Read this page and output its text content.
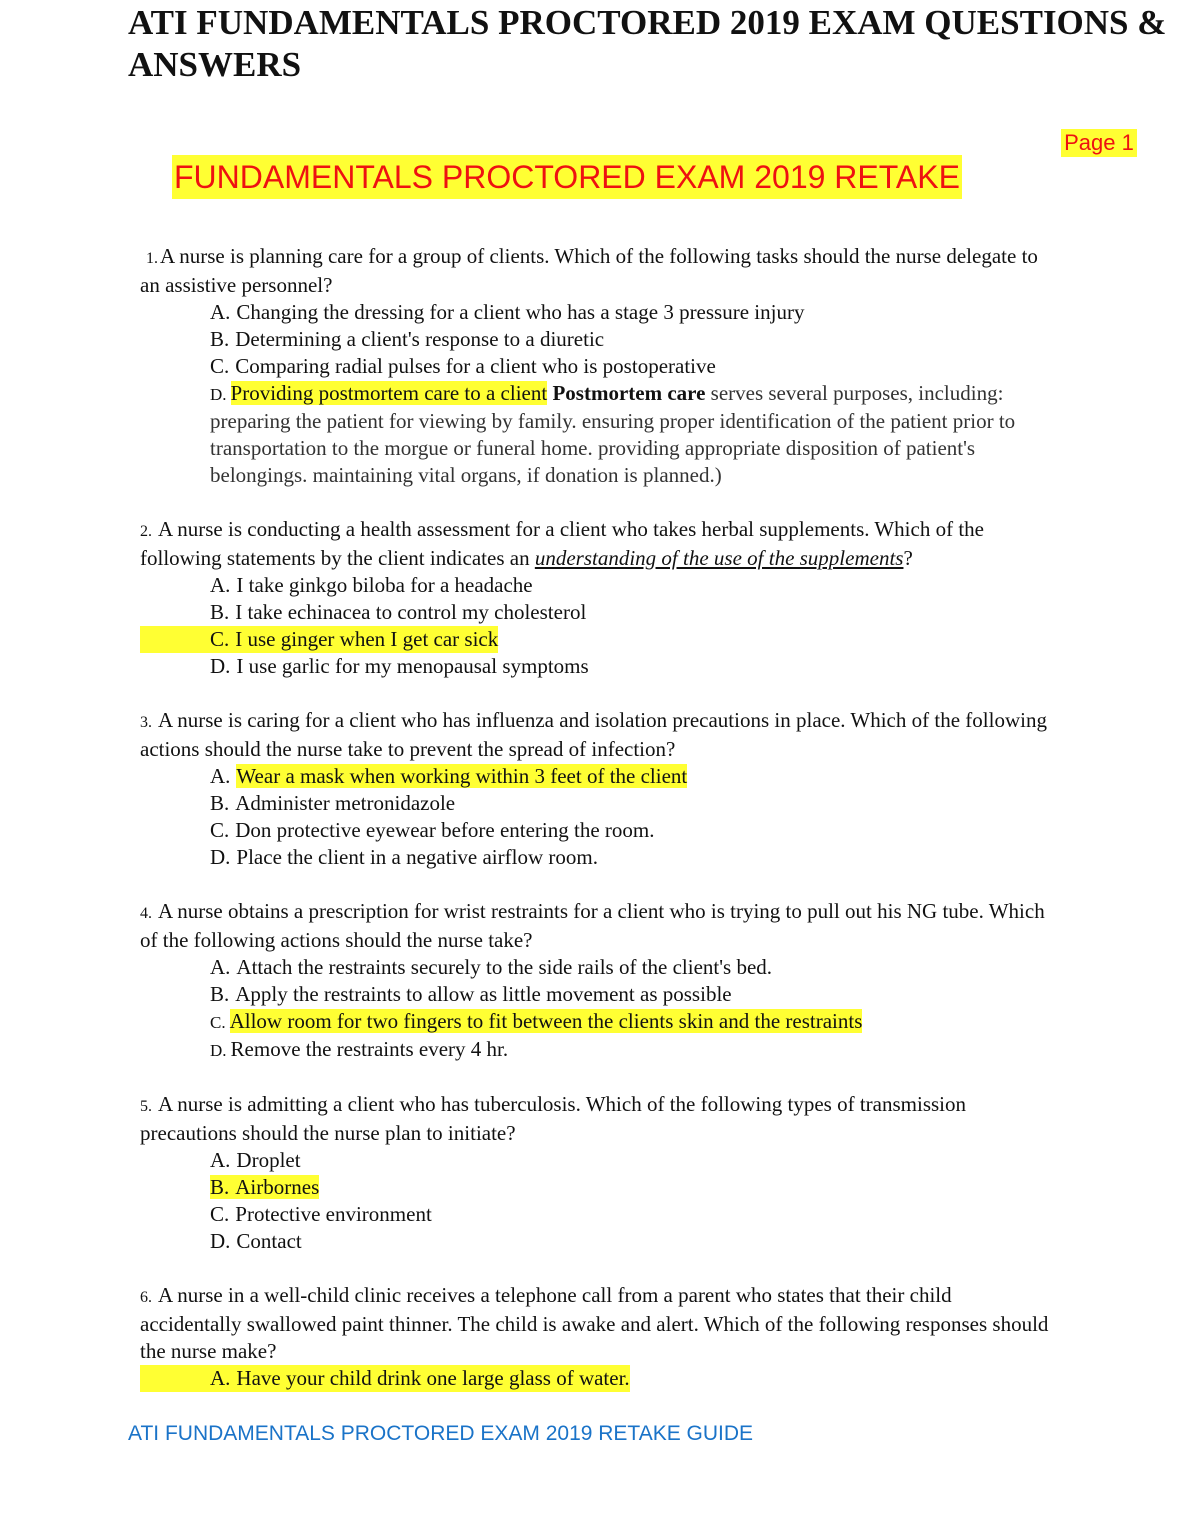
ATI FUNDAMENTALS PROCTORED 2019 EXAM QUESTIONS & ANSWERS
Page 1
FUNDAMENTALS PROCTORED EXAM 2019 RETAKE

1.A nurse is planning care for a group of clients. Which of the following tasks should the nurse delegate to an assistive personnel?

A. Changing the dressing for a client who has a stage 3 pressure injury

B. Determining a client's response to a diuretic

C. Comparing radial pulses for a client who is postoperative

D. Providing postmortem care to a client Postmortem care serves several purposes, including: preparing the patient for viewing by family. ensuring proper identification of the patient prior to transportation to the morgue or funeral home. providing appropriate disposition of patient's belongings. maintaining vital organs, if donation is planned.)

2. A nurse is conducting a health assessment for a client who takes herbal supplements. Which of the following statements by the client indicates an understanding of the use of the supplements?

A. I take ginkgo biloba for a headache

B. I take echinacea to control my cholesterol

C. I use ginger when I get car sick

D. I use garlic for my menopausal symptoms

3. A nurse is caring for a client who has influenza and isolation precautions in place. Which of the following actions should the nurse take to prevent the spread of infection?

A. Wear a mask when working within 3 feet of the client

B. Administer metronidazole

C. Don protective eyewear before entering the room.

D. Place the client in a negative airflow room.

4. A nurse obtains a prescription for wrist restraints for a client who is trying to pull out his NG tube. Which of the following actions should the nurse take?

A. Attach the restraints securely to the side rails of the client's bed.

B. Apply the restraints to allow as little movement as possible

C. Allow room for two fingers to fit between the clients skin and the restraints

D. Remove the restraints every 4 hr.

5. A nurse is admitting a client who has tuberculosis. Which of the following types of transmission precautions should the nurse plan to initiate?

A. Droplet

B. Airbornes

C. Protective environment

D. Contact

6. A nurse in a well-child clinic receives a telephone call from a parent who states that their child accidentally swallowed paint thinner. The child is awake and alert. Which of the following responses should the nurse make?

A. Have your child drink one large glass of water.

ATI FUNDAMENTALS PROCTORED EXAM 2019 RETAKE GUIDE
